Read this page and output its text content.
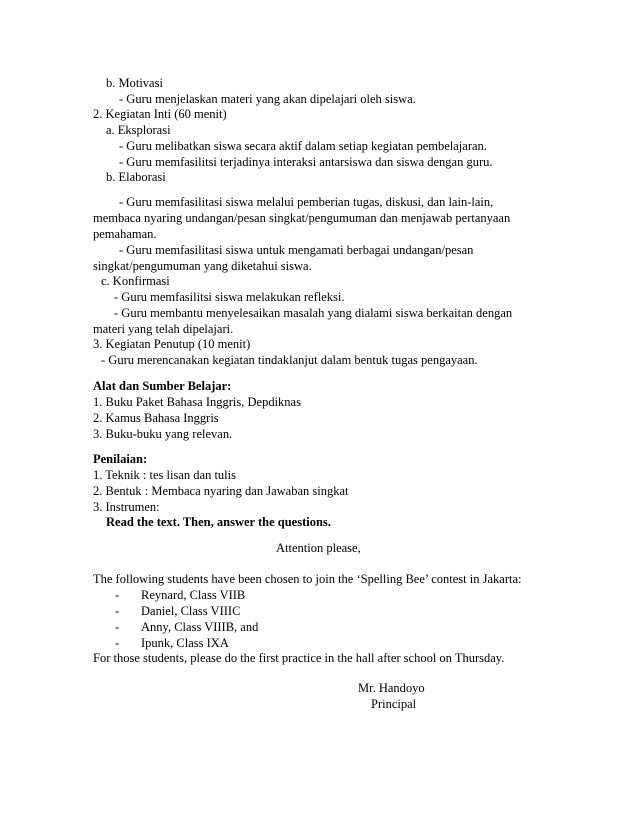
b. Motivasi
- Guru menjelaskan materi yang akan dipelajari oleh siswa.
2. Kegiatan Inti (60 menit)
a. Eksplorasi
- Guru melibatkan siswa secara aktif dalam setiap kegiatan pembelajaran.
- Guru memfasilitsi terjadinya interaksi antarsiswa dan siswa dengan guru.
b. Elaborasi
- Guru memfasilitasi siswa melalui pemberian tugas, diskusi, dan lain-lain,
membaca nyaring undangan/pesan singkat/pengumuman dan menjawab pertanyaan
pemahaman.
- Guru memfasilitasi siswa untuk mengamati berbagai undangan/pesan
singkat/pengumuman yang diketahui siswa.
c. Konfirmasi
- Guru memfasilitsi siswa melakukan refleksi.
- Guru membantu menyelesaikan masalah yang dialami siswa berkaitan dengan
materi yang telah dipelajari.
3. Kegiatan Penutup (10 menit)
- Guru merencanakan kegiatan tindaklanjut dalam bentuk tugas pengayaan.
Alat dan Sumber Belajar:
1. Buku Paket Bahasa Inggris, Depdiknas
2. Kamus Bahasa Inggris
3. Buku-buku yang relevan.
Penilaian:
1. Teknik : tes lisan dan tulis
2. Bentuk : Membaca nyaring dan Jawaban singkat
3. Instrumen:
Read the text. Then, answer the questions.
Attention please,
The following students have been chosen to join the ‘Spelling Bee’ contest in Jakarta:
- Reynard, Class VIIB
- Daniel, Class VIIIC
- Anny, Class VIIIB, and
- Ipunk, Class IXA
For those students, please do the first practice in the hall after school on Thursday.
Mr. Handoyo
Principal
